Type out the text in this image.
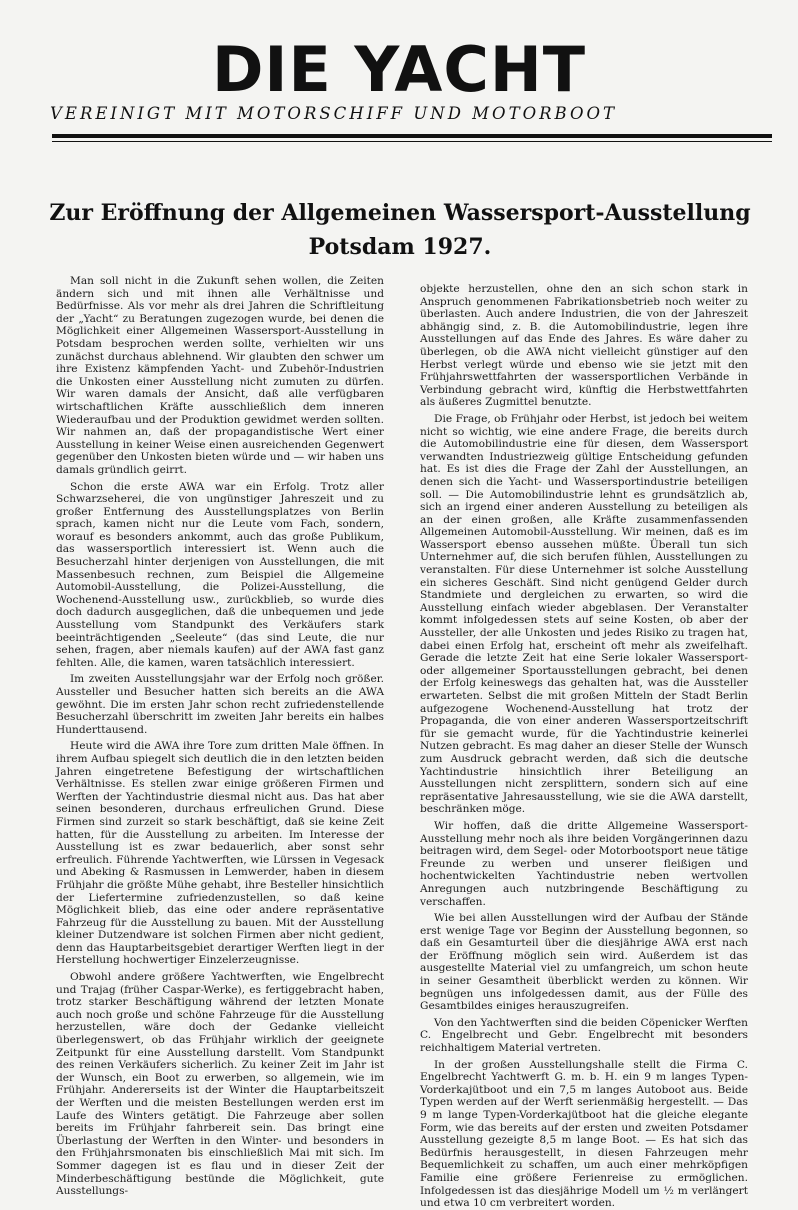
DIE YACHT
VEREINIGT MIT MOTORSCHIFF UND MOTORBOOT
Zur Eröffnung der Allgemeinen Wassersport-Ausstellung
Potsdam 1927.

Man soll nicht in die Zukunft sehen wollen, die Zeiten ändern sich und mit ihnen alle Verhältnisse und Bedürfnisse. Als vor mehr als drei Jahren die Schriftleitung der „Yacht“ zu Beratungen zugezogen wurde, bei denen die Möglichkeit einer Allgemeinen Wassersport-Ausstellung in Potsdam besprochen werden sollte, verhielten wir uns zunächst durchaus ablehnend. Wir glaubten den schwer um ihre Existenz kämpfenden Yacht- und Zubehör-Industrien die Unkosten einer Ausstellung nicht zumuten zu dürfen. Wir waren damals der Ansicht, daß alle verfügbaren wirtschaftlichen Kräfte ausschließlich dem inneren Wiederaufbau und der Produktion gewidmet werden sollten. Wir nahmen an, daß der propagandistische Wert einer Ausstellung in keiner Weise einen ausreichenden Gegenwert gegenüber den Unkosten bieten würde und — wir haben uns damals gründlich geirrt.

Schon die erste AWA war ein Erfolg. Trotz aller Schwarzseherei, die von ungünstiger Jahreszeit und zu großer Entfernung des Ausstellungsplatzes von Berlin sprach, kamen nicht nur die Leute vom Fach, sondern, worauf es besonders ankommt, auch das große Publikum, das wassersportlich interessiert ist. Wenn auch die Besucherzahl hinter derjenigen von Ausstellungen, die mit Massenbesuch rechnen, zum Beispiel die Allgemeine Automobil-Ausstellung, die Polizei-Ausstellung, die Wochenend-Ausstellung usw., zurückblieb, so wurde dies doch dadurch ausgeglichen, daß die unbequemen und jede Ausstellung vom Standpunkt des Verkäufers stark beeinträchtigenden „Seeleute“ (das sind Leute, die nur sehen, fragen, aber niemals kaufen) auf der AWA fast ganz fehlten. Alle, die kamen, waren tatsächlich interessiert.

Im zweiten Ausstellungsjahr war der Erfolg noch größer. Aussteller und Besucher hatten sich bereits an die AWA gewöhnt. Die im ersten Jahr schon recht zufriedenstellende Besucherzahl überschritt im zweiten Jahr bereits ein halbes Hunderttausend.

Heute wird die AWA ihre Tore zum dritten Male öffnen. In ihrem Aufbau spiegelt sich deutlich die in den letzten beiden Jahren eingetretene Befestigung der wirtschaftlichen Verhältnisse. Es stellen zwar einige größeren Firmen und Werften der Yachtindustrie diesmal nicht aus. Das hat aber seinen besonderen, durchaus erfreulichen Grund. Diese Firmen sind zurzeit so stark beschäftigt, daß sie keine Zeit hatten, für die Ausstellung zu arbeiten. Im Interesse der Ausstellung ist es zwar bedauerlich, aber sonst sehr erfreulich. Führende Yachtwerften, wie Lürssen in Vegesack und Abeking & Rasmussen in Lemwerder, haben in diesem Frühjahr die größte Mühe gehabt, ihre Besteller hinsichtlich der Liefertermine zufriedenzustellen, so daß keine Möglichkeit blieb, das eine oder andere repräsentative Fahrzeug für die Ausstellung zu bauen. Mit der Ausstellung kleiner Dutzendware ist solchen Firmen aber nicht gedient, denn das Hauptarbeitsgebiet derartiger Werften liegt in der Herstellung hochwertiger Einzelerzeugnisse.

Obwohl andere größere Yachtwerften, wie Engelbrecht und Trajag (früher Caspar-Werke), es fertiggebracht haben, trotz starker Beschäftigung während der letzten Monate auch noch große und schöne Fahrzeuge für die Ausstellung herzustellen, wäre doch der Gedanke vielleicht überlegenswert, ob das Frühjahr wirklich der geeignete Zeitpunkt für eine Ausstellung darstellt. Vom Standpunkt des reinen Verkäufers sicherlich. Zu keiner Zeit im Jahr ist der Wunsch, ein Boot zu erwerben, so allgemein, wie im Frühjahr. Andererseits ist der Winter die Hauptarbeitszeit der Werften und die meisten Bestellungen werden erst im Laufe des Winters getätigt. Die Fahrzeuge aber sollen bereits im Frühjahr fahrbereit sein. Das bringt eine Überlastung der Werften in den Winter- und besonders in den Frühjahrsmonaten bis einschließlich Mai mit sich. Im Sommer dagegen ist es flau und in dieser Zeit der Minderbeschäftigung bestünde die Möglichkeit, gute Ausstellungs-

objekte herzustellen, ohne den an sich schon stark in Anspruch genommenen Fabrikationsbetrieb noch weiter zu überlasten. Auch andere Industrien, die von der Jahreszeit abhängig sind, z. B. die Automobilindustrie, legen ihre Ausstellungen auf das Ende des Jahres. Es wäre daher zu überlegen, ob die AWA nicht vielleicht günstiger auf den Herbst verlegt würde und ebenso wie sie jetzt mit den Frühjahrswettfahrten der wassersportlichen Verbände in Verbindung gebracht wird, künftig die Herbstwettfahrten als äußeres Zugmittel benutzte.

Die Frage, ob Frühjahr oder Herbst, ist jedoch bei weitem nicht so wichtig, wie eine andere Frage, die bereits durch die Automobilindustrie eine für diesen, dem Wassersport verwandten Industriezweig gültige Entscheidung gefunden hat. Es ist dies die Frage der Zahl der Ausstellungen, an denen sich die Yacht- und Wassersportindustrie beteiligen soll. — Die Automobilindustrie lehnt es grundsätzlich ab, sich an irgend einer anderen Ausstellung zu beteiligen als an der einen großen, alle Kräfte zusammenfassenden Allgemeinen Automobil-Ausstellung. Wir meinen, daß es im Wassersport ebenso aussehen müßte. Überall tun sich Unternehmer auf, die sich berufen fühlen, Ausstellungen zu veranstalten. Für diese Unternehmer ist solche Ausstellung ein sicheres Geschäft. Sind nicht genügend Gelder durch Standmiete und dergleichen zu erwarten, so wird die Ausstellung einfach wieder abgeblasen. Der Veranstalter kommt infolgedessen stets auf seine Kosten, ob aber der Aussteller, der alle Unkosten und jedes Risiko zu tragen hat, dabei einen Erfolg hat, erscheint oft mehr als zweifelhaft. Gerade die letzte Zeit hat eine Serie lokaler Wassersport- oder allgemeiner Sportausstellungen gebracht, bei denen der Erfolg keineswegs das gehalten hat, was die Aussteller erwarteten. Selbst die mit großen Mitteln der Stadt Berlin aufgezogene Wochenend-Ausstellung hat trotz der Propaganda, die von einer anderen Wassersportzeitschrift für sie gemacht wurde, für die Yachtindustrie keinerlei Nutzen gebracht. Es mag daher an dieser Stelle der Wunsch zum Ausdruck gebracht werden, daß sich die deutsche Yachtindustrie hinsichtlich ihrer Beteiligung an Ausstellungen nicht zersplittern, sondern sich auf eine repräsentative Jahresausstellung, wie sie die AWA darstellt, beschränken möge.

Wir hoffen, daß die dritte Allgemeine Wassersport-Ausstellung mehr noch als ihre beiden Vorgängerinnen dazu beitragen wird, dem Segel- oder Motorbootsport neue tätige Freunde zu werben und unserer fleißigen und hochentwickelten Yachtindustrie neben wertvollen Anregungen auch nutzbringende Beschäftigung zu verschaffen.

Wie bei allen Ausstellungen wird der Aufbau der Stände erst wenige Tage vor Beginn der Ausstellung begonnen, so daß ein Gesamturteil über die diesjährige AWA erst nach der Eröffnung möglich sein wird. Außerdem ist das ausgestellte Material viel zu umfangreich, um schon heute in seiner Gesamtheit überblickt werden zu können. Wir begnügen uns infolgedessen damit, aus der Fülle des Gesamtbildes einiges herauszugreifen.

Von den Yachtwerften sind die beiden Cöpenicker Werften C. Engelbrecht und Gebr. Engelbrecht mit besonders reichhaltigem Material vertreten.

In der großen Ausstellungshalle stellt die Firma C. Engelbrecht Yachtwerft G. m. b. H. ein 9 m langes Typen-Vorderkajütboot und ein 7,5 m langes Autoboot aus. Beide Typen werden auf der Werft serienmäßig hergestellt. — Das 9 m lange Typen-Vorderkajütboot hat die gleiche elegante Form, wie das bereits auf der ersten und zweiten Potsdamer Ausstellung gezeigte 8,5 m lange Boot. — Es hat sich das Bedürfnis herausgestellt, in diesen Fahrzeugen mehr Bequemlichkeit zu schaffen, um auch einer mehrköpfigen Familie eine größere Ferienreise zu ermöglichen. Infolgedessen ist das diesjährige Modell um ½ m verlängert und etwa 10 cm verbreitert worden.
